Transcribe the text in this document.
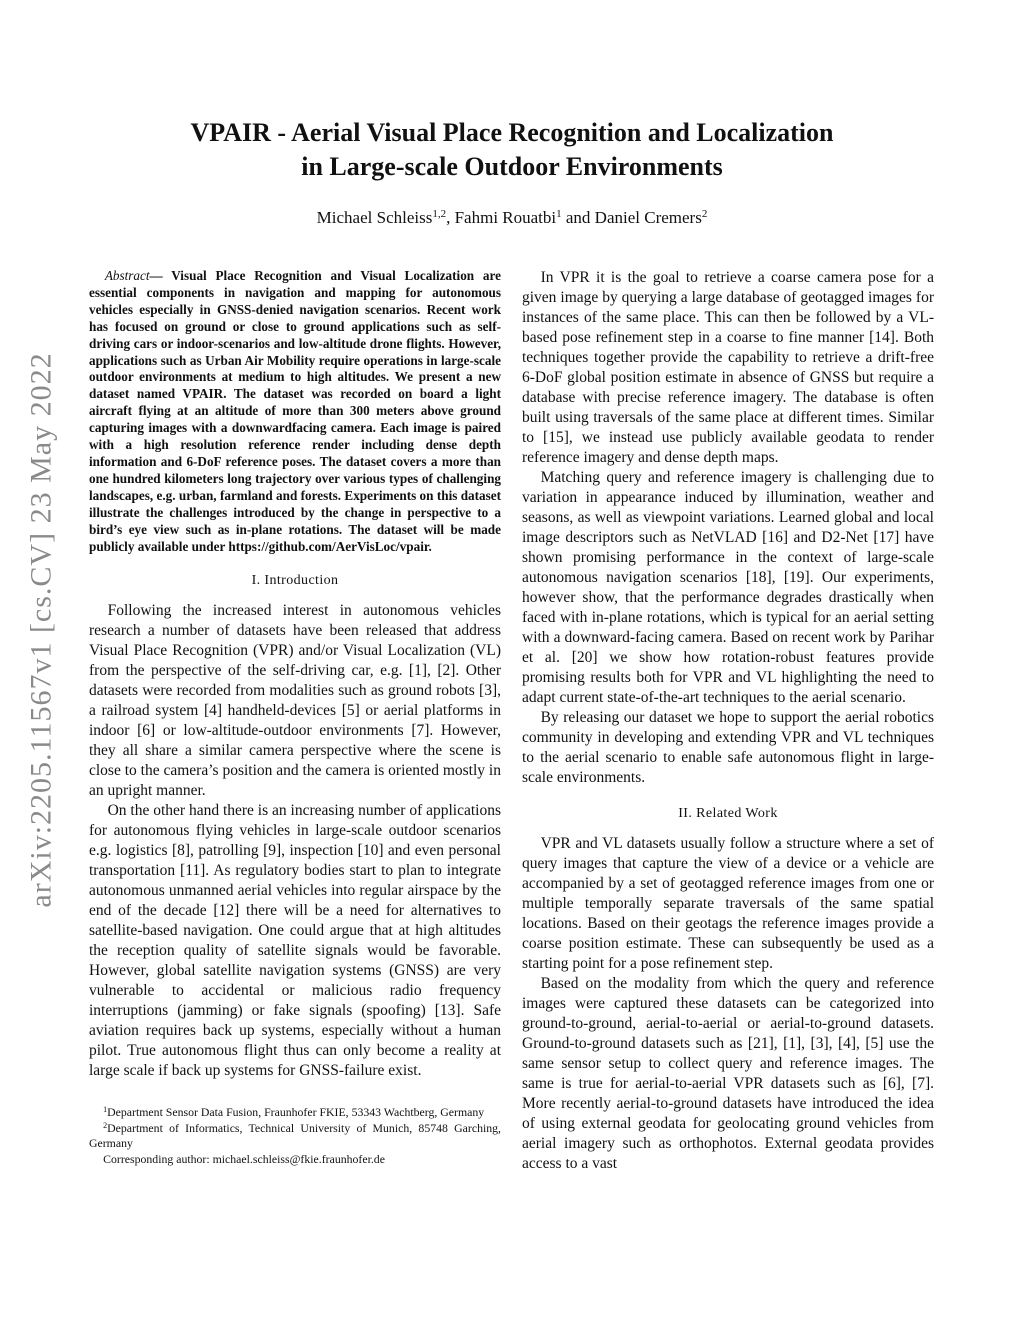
arXiv:2205.11567v1 [cs.CV] 23 May 2022
VPAIR - Aerial Visual Place Recognition and Localization
in Large-scale Outdoor Environments
Michael Schleiss$^{1,2}$, Fahmi Rouatbi$^1$ and Daniel Cremers$^2$

Abstract— Visual Place Recognition and Visual Localization are essential components in navigation and mapping for autonomous vehicles especially in GNSS-denied navigation scenarios. Recent work has focused on ground or close to ground applications such as self-driving cars or indoor-scenarios and low-altitude drone flights. However, applications such as Urban Air Mobility require operations in large-scale outdoor environments at medium to high altitudes. We present a new dataset named VPAIR. The dataset was recorded on board a light aircraft flying at an altitude of more than 300 meters above ground capturing images with a downwardfacing camera. Each image is paired with a high resolution reference render including dense depth information and 6-DoF reference poses. The dataset covers a more than one hundred kilometers long trajectory over various types of challenging landscapes, e.g. urban, farmland and forests. Experiments on this dataset illustrate the challenges introduced by the change in perspective to a bird’s eye view such as in-plane rotations. The dataset will be made publicly available under https://github.com/AerVisLoc/vpair.

I. Introduction

Following the increased interest in autonomous vehicles research a number of datasets have been released that address Visual Place Recognition (VPR) and/or Visual Localization (VL) from the perspective of the self-driving car, e.g. [1], [2]. Other datasets were recorded from modalities such as ground robots [3], a railroad system [4] handheld-devices [5] or aerial platforms in indoor [6] or low-altitude-outdoor environments [7]. However, they all share a similar camera perspective where the scene is close to the camera’s position and the camera is oriented mostly in an upright manner.

On the other hand there is an increasing number of applications for autonomous flying vehicles in large-scale outdoor scenarios e.g. logistics [8], patrolling [9], inspection [10] and even personal transportation [11]. As regulatory bodies start to plan to integrate autonomous unmanned aerial vehicles into regular airspace by the end of the decade [12] there will be a need for alternatives to satellite-based navigation. One could argue that at high altitudes the reception quality of satellite signals would be favorable. However, global satellite navigation systems (GNSS) are very vulnerable to accidental or malicious radio frequency interruptions (jamming) or fake signals (spoofing) [13]. Safe aviation requires back up systems, especially without a human pilot. True autonomous flight thus can only become a reality at large scale if back up systems for GNSS-failure exist.

$^1$Department Sensor Data Fusion, Fraunhofer FKIE, 53343 Wachtberg, Germany

$^2$Department of Informatics, Technical University of Munich, 85748 Garching, Germany

Corresponding author: michael.schleiss@fkie.fraunhofer.de

In VPR it is the goal to retrieve a coarse camera pose for a given image by querying a large database of geotagged images for instances of the same place. This can then be followed by a VL-based pose refinement step in a coarse to fine manner [14]. Both techniques together provide the capability to retrieve a drift-free 6-DoF global position estimate in absence of GNSS but require a database with precise reference imagery. The database is often built using traversals of the same place at different times. Similar to [15], we instead use publicly available geodata to render reference imagery and dense depth maps.

Matching query and reference imagery is challenging due to variation in appearance induced by illumination, weather and seasons, as well as viewpoint variations. Learned global and local image descriptors such as NetVLAD [16] and D2-Net [17] have shown promising performance in the context of large-scale autonomous navigation scenarios [18], [19]. Our experiments, however show, that the performance degrades drastically when faced with in-plane rotations, which is typical for an aerial setting with a downward-facing camera. Based on recent work by Parihar et al. [20] we show how rotation-robust features provide promising results both for VPR and VL highlighting the need to adapt current state-of-the-art techniques to the aerial scenario.

By releasing our dataset we hope to support the aerial robotics community in developing and extending VPR and VL techniques to the aerial scenario to enable safe autonomous flight in large-scale environments.

II. Related Work

VPR and VL datasets usually follow a structure where a set of query images that capture the view of a device or a vehicle are accompanied by a set of geotagged reference images from one or multiple temporally separate traversals of the same spatial locations. Based on their geotags the reference images provide a coarse position estimate. These can subsequently be used as a starting point for a pose refinement step.

Based on the modality from which the query and reference images were captured these datasets can be categorized into ground-to-ground, aerial-to-aerial or aerial-to-ground datasets. Ground-to-ground datasets such as [21], [1], [3], [4], [5] use the same sensor setup to collect query and reference images. The same is true for aerial-to-aerial VPR datasets such as [6], [7]. More recently aerial-to-ground datasets have introduced the idea of using external geodata for geolocating ground vehicles from aerial imagery such as orthophotos. External geodata provides access to a vast
